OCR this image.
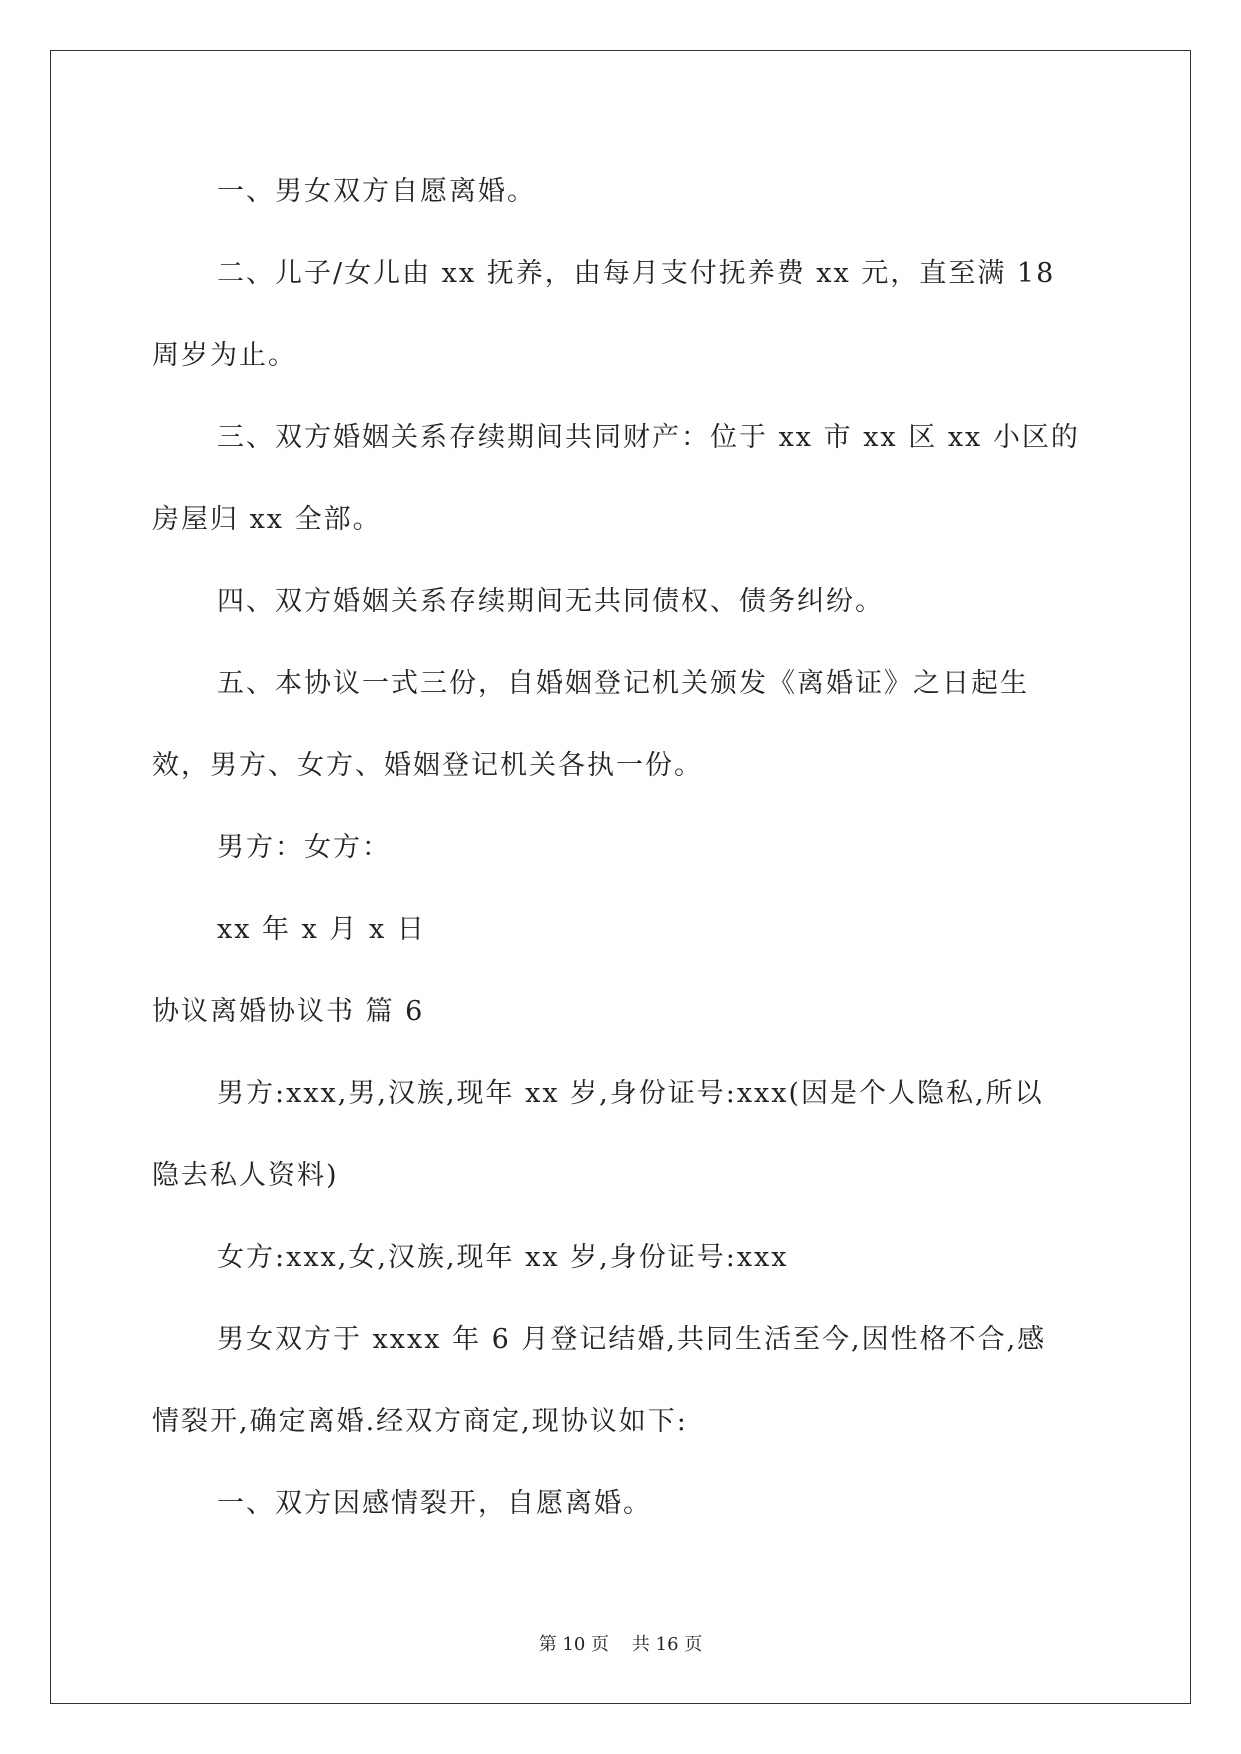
一、男女双方自愿离婚。
二、儿子/女儿由 xx 抚养，由每月支付抚养费 xx 元，直至满 18
周岁为止。
三、双方婚姻关系存续期间共同财产：位于 xx 市 xx 区 xx 小区的
房屋归 xx 全部。
四、双方婚姻关系存续期间无共同债权、债务纠纷。
五、本协议一式三份，自婚姻登记机关颁发《离婚证》之日起生
效，男方、女方、婚姻登记机关各执一份。
男方：女方：
xx 年 x 月 x 日
协议离婚协议书 篇 6
男方:xxx,男,汉族,现年 xx 岁,身份证号:xxx(因是个人隐私,所以
隐去私人资料)
女方:xxx,女,汉族,现年 xx 岁,身份证号:xxx
男女双方于 xxxx 年 6 月登记结婚,共同生活至今,因性格不合,感
情裂开,确定离婚.经双方商定,现协议如下:
一、双方因感情裂开，自愿离婚。
第 10 页    共 16 页
